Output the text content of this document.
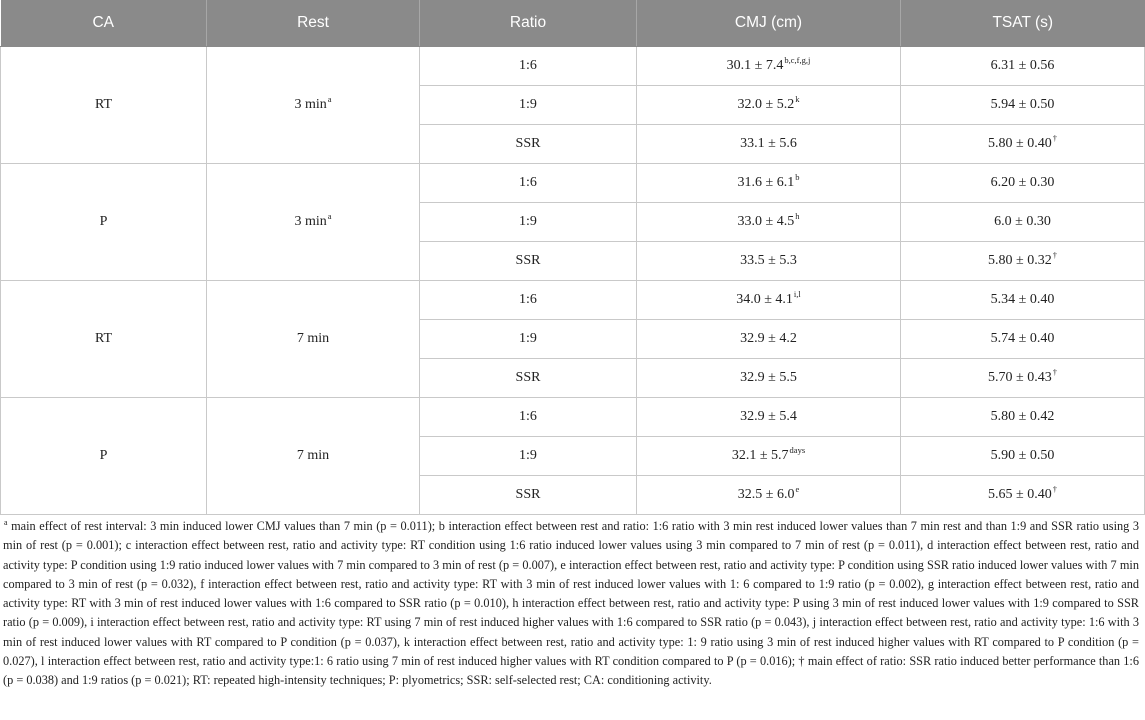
CA	Rest	Ratio	CMJ (cm)	TSAT (s)
RT	3 $\min^a$	1:6	$30.1 \pm 7.4^{b,c,f,g,j}$	6.31 ± 0.56
		1:9	$32.0 \pm 5.2^k$	5.94 ± 0.50
		SSR	33.1 ± 5.6	5.80 ± 0.40†
P	3 $\min^a$	1:6	31.6 ± 6.1$^b$	6.20 ± 0.30
		1:9	33.0 ± 4.5$^h$	6.0 ± 0.30
		SSR	33.5 ± 5.3	5.80 ± 0.32†
RT	7 min	1:6	$34.0 \pm 4.1^{i,l}$	5.34 ± 0.40
		1:9	32.9 ± 4.2	5.74 ± 0.40
		SSR	32.9 ± 5.5	5.70 ± 0.43†
P	7 min	1:6	32.9 ± 5.4	5.80 ± 0.42
		1:9	$32.1 \pm 5.7^{days}$	5.90 ± 0.50
		SSR	32.5 ± 6.0$^e$	5.65 ± 0.40†

$^a$ main effect of rest interval: 3 min induced lower CMJ values than 7 min (p = 0.011); b interaction effect between rest and ratio: 1:6 ratio with 3 min rest induced lower values than 7 min rest and than 1:9 and SSR ratio using 3 min of rest (p = 0.001); c interaction effect between rest, ratio and activity type: RT condition using 1:6 ratio induced lower values using 3 min compared to 7 min of rest (p = 0.011), d interaction effect between rest, ratio and activity type: P condition using 1:9 ratio induced lower values with 7 min compared to 3 min of rest (p = 0.007), e interaction effect between rest, ratio and activity type: P condition using SSR ratio induced lower values with 7 min compared to 3 min of rest (p = 0.032), f interaction effect between rest, ratio and activity type: RT with 3 min of rest induced lower values with 1: 6 compared to 1:9 ratio (p = 0.002), g interaction effect between rest, ratio and activity type: RT with 3 min of rest induced lower values with 1:6 compared to SSR ratio (p = 0.010), h interaction effect between rest, ratio and activity type: P using 3 min of rest induced lower values with 1:9 compared to SSR ratio (p = 0.009), i interaction effect between rest, ratio and activity type: RT using 7 min of rest induced higher values with 1:6 compared to SSR ratio (p = 0.043), j interaction effect between rest, ratio and activity type: 1:6 with 3 min of rest induced lower values with RT compared to P condition (p = 0.037), k interaction effect between rest, ratio and activity type: 1: 9 ratio using 3 min of rest induced higher values with RT compared to P condition (p = 0.027), l interaction effect between rest, ratio and activity type:1: 6 ratio using 7 min of rest induced higher values with RT condition compared to P (p = 0.016); † main effect of ratio: SSR ratio induced better performance than 1:6 (p = 0.038) and 1:9 ratios (p = 0.021); RT: repeated high-intensity techniques; P: plyometrics; SSR: self-selected rest; CA: conditioning activity.
